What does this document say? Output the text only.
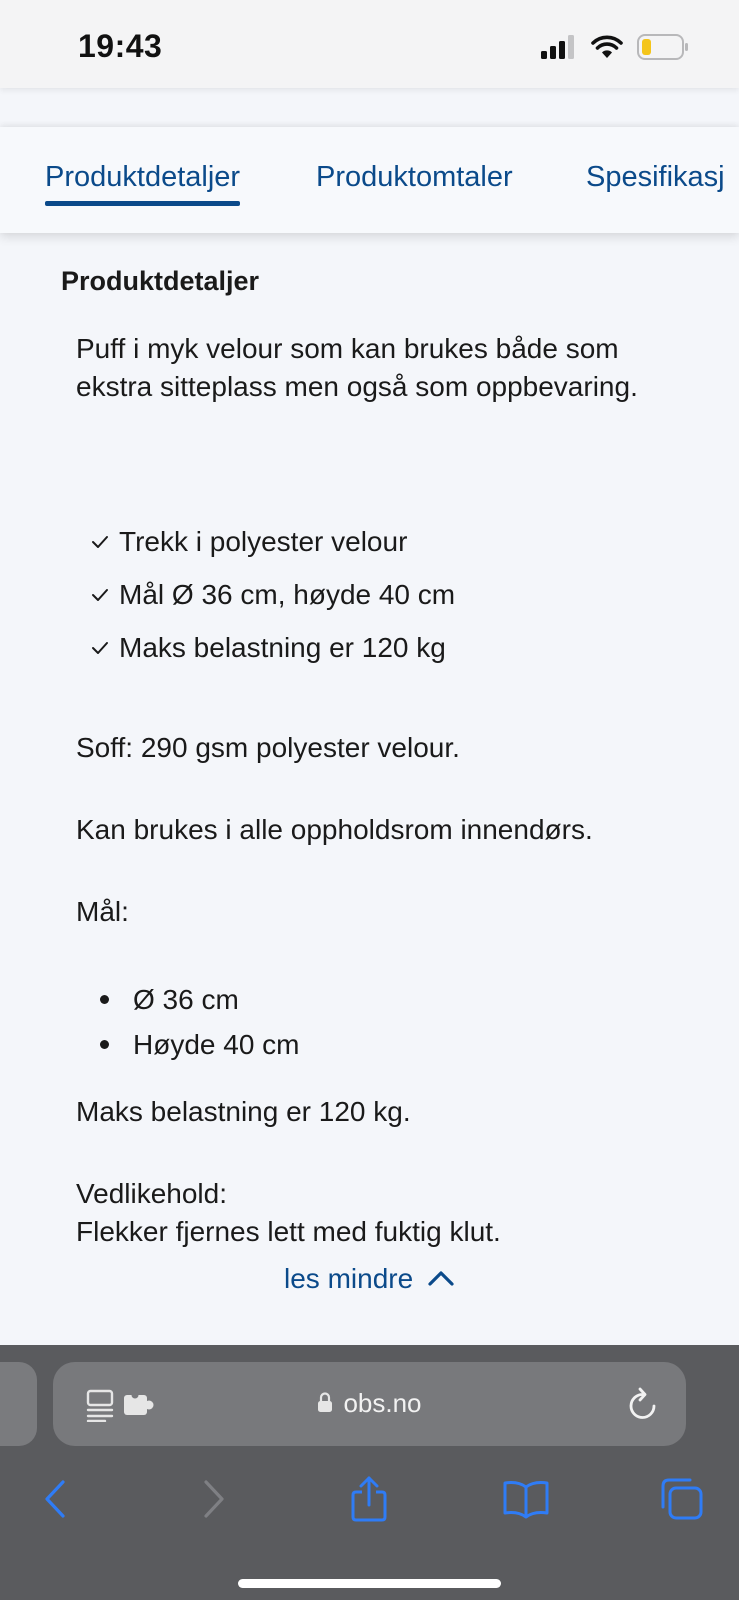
19:43
Produktdetaljer	Produktomtaler	Spesifikasj
Produktdetaljer

Puff i myk velour som kan brukes både som ekstra sitteplass men også som oppbevaring.

Trekk i polyester velour
Mål Ø 36 cm, høyde 40 cm
Maks belastning er 120 kg

Soff: 290 gsm polyester velour.

Kan brukes i alle oppholdsrom innendørs.

Mål:

Ø 36 cm
Høyde 40 cm

Maks belastning er 120 kg.

Vedlikehold:

Flekker fjernes lett med fuktig klut.

les mindre
obs.no
